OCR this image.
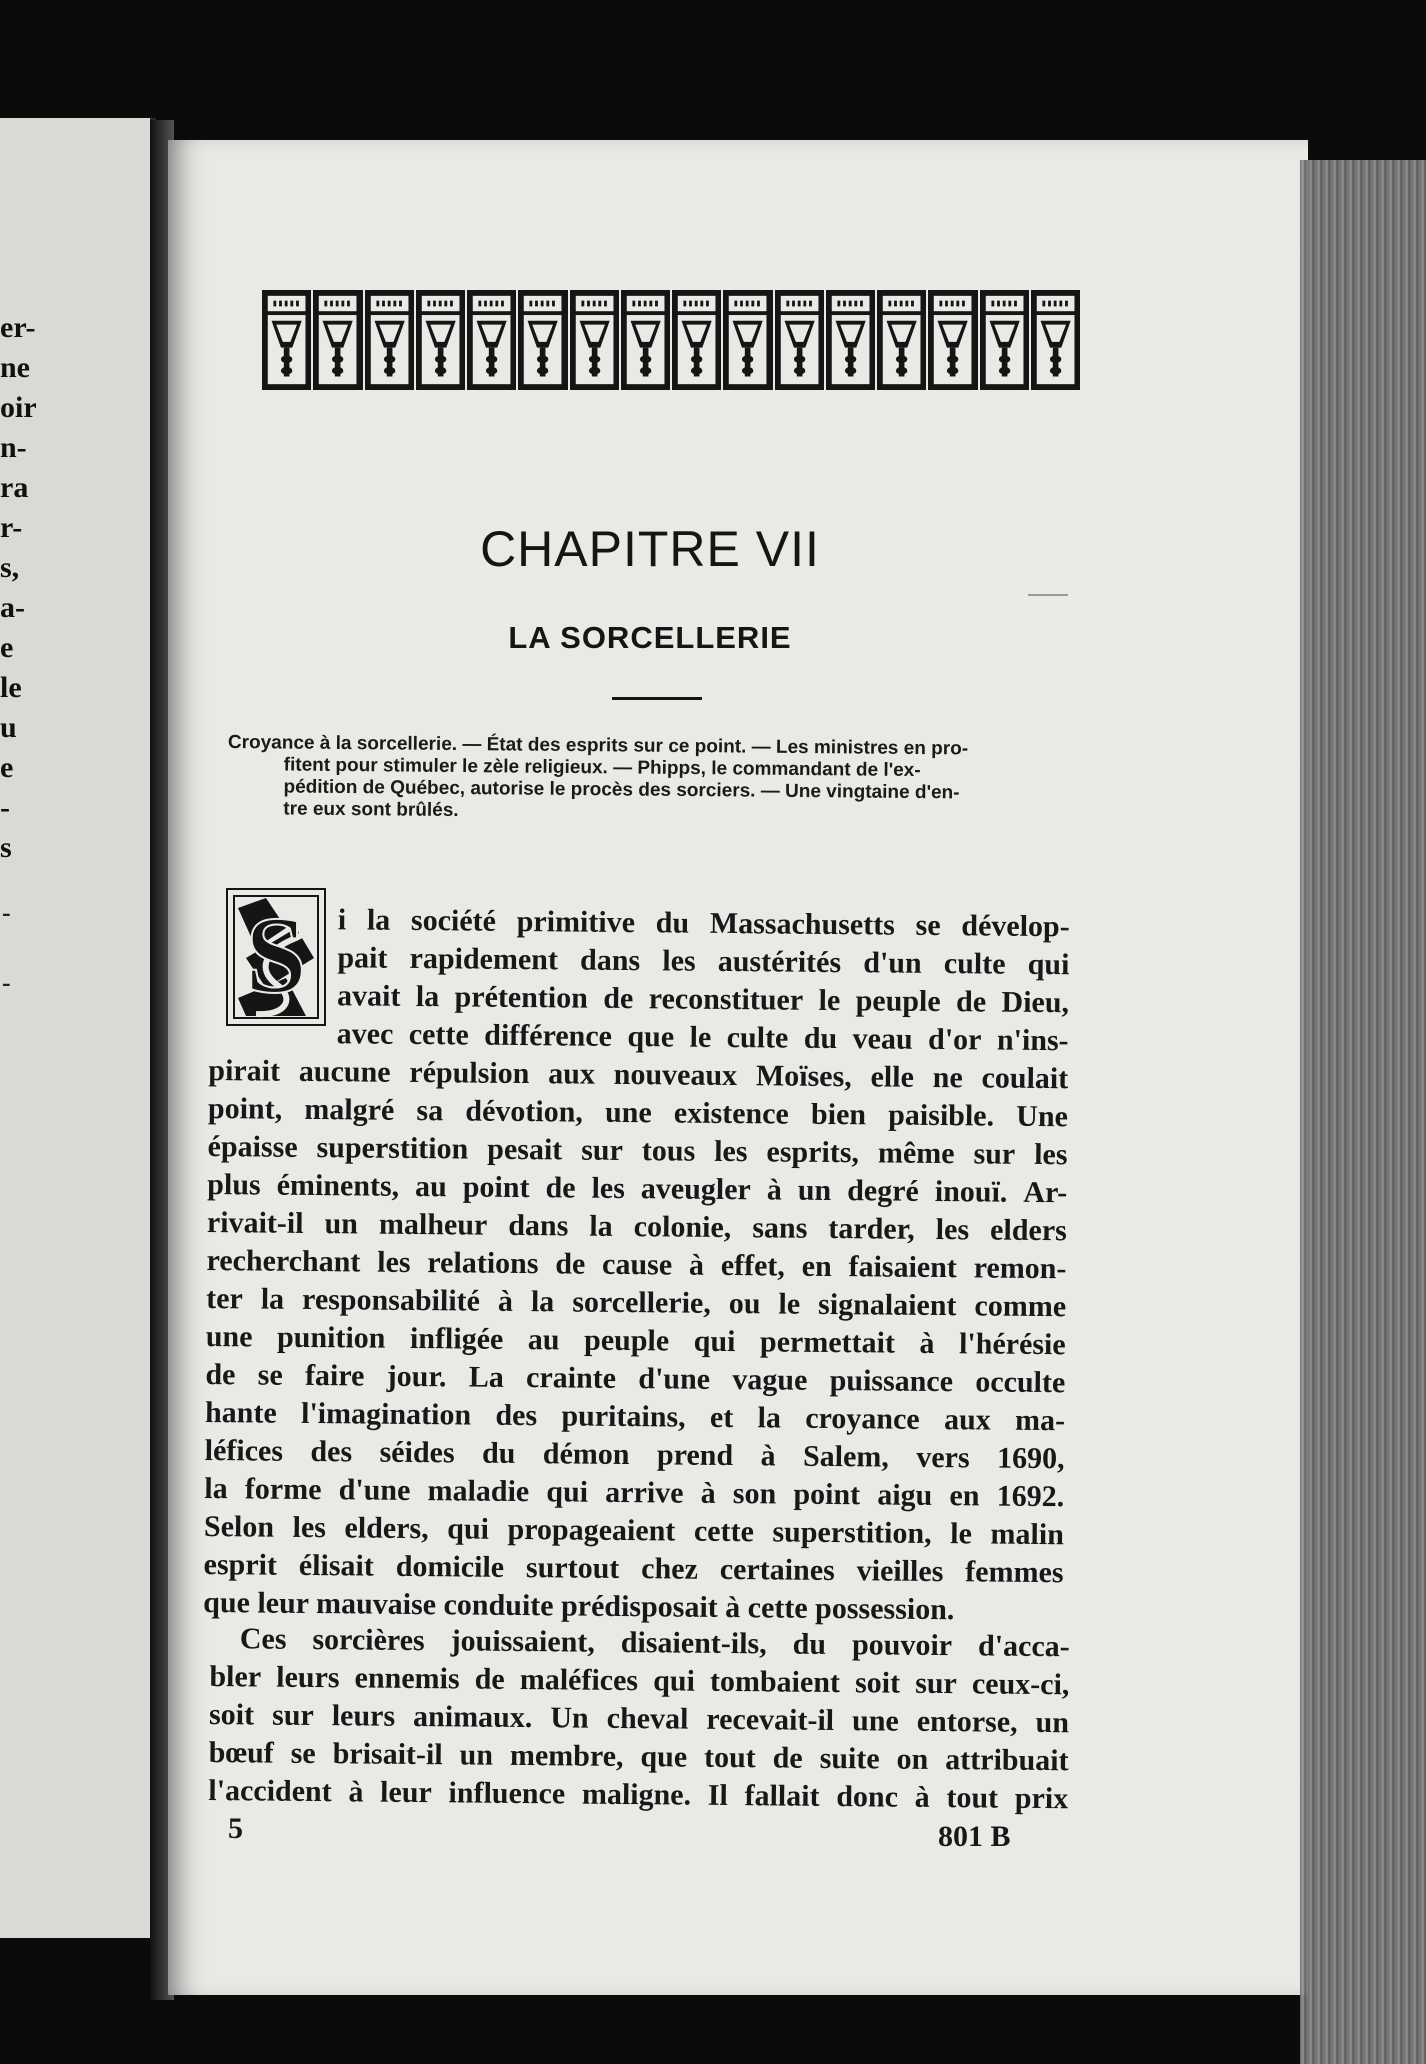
er-
ne
oir
n-
ra
r-
s,
a-
e
le
u
e
-
s
-
-
CHAPITRE VII
LA SORCELLERIE
Croyance à la sorcellerie. — État des esprits sur ce point. — Les ministres en pro-
fitent pour stimuler le zèle religieux. — Phipps, le commandant de l'ex-
pédition de Québec, autorise le procès des sorciers. — Une vingtaine d'en-
tre eux sont brûlés.
S i la société primitive du Massachusetts se dévelop-
pait rapidement dans les austérités d'un culte qui
avait la prétention de reconstituer le peuple de Dieu,
avec cette différence que le culte du veau d'or n'ins-
pirait aucune répulsion aux nouveaux Moïses, elle ne coulait
point, malgré sa dévotion, une existence bien paisible. Une
épaisse superstition pesait sur tous les esprits, même sur les
plus éminents, au point de les aveugler à un degré inouï. Ar-
rivait-il un malheur dans la colonie, sans tarder, les elders
recherchant les relations de cause à effet, en faisaient remon-
ter la responsabilité à la sorcellerie, ou le signalaient comme
une punition infligée au peuple qui permettait à l'hérésie
de se faire jour. La crainte d'une vague puissance occulte
hante l'imagination des puritains, et la croyance aux ma-
léfices des séides du démon prend à Salem, vers 1690,
la forme d'une maladie qui arrive à son point aigu en 1692.
Selon les elders, qui propageaient cette superstition, le malin
esprit élisait domicile surtout chez certaines vieilles femmes
que leur mauvaise conduite prédisposait à cette possession.
Ces sorcières jouissaient, disaient-ils, du pouvoir d'acca-
bler leurs ennemis de maléfices qui tombaient soit sur ceux-ci,
soit sur leurs animaux. Un cheval recevait-il une entorse, un
bœuf se brisait-il un membre, que tout de suite on attribuait
l'accident à leur influence maligne. Il fallait donc à tout prix
5	801 B
